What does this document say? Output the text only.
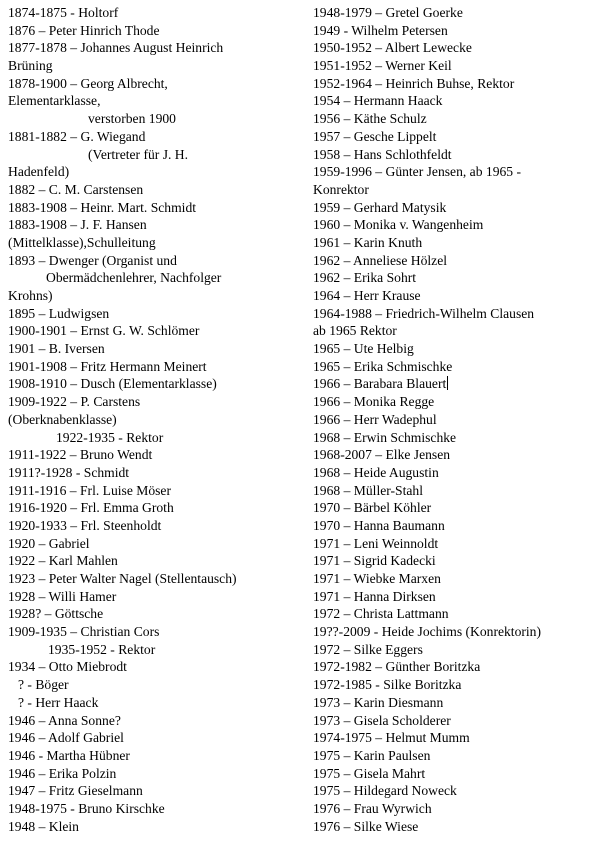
1874-1875 - Holtorf
1876 – Peter Hinrich Thode
1877-1878 – Johannes August Heinrich
Brüning
1878-1900 – Georg Albrecht,
Elementarklasse,
verstorben 1900
1881-1882 – G. Wiegand
(Vertreter für J. H.
Hadenfeld)
1882 – C. M. Carstensen
1883-1908 – Heinr. Mart. Schmidt
1883-1908 – J. F. Hansen
(Mittelklasse),Schulleitung
1893 – Dwenger (Organist und
Obermädchenlehrer, Nachfolger
Krohns)
1895 – Ludwigsen
1900-1901 – Ernst G. W. Schlömer
1901 – B. Iversen
1901-1908 – Fritz Hermann Meinert
1908-1910 – Dusch (Elementarklasse)
1909-1922 – P. Carstens
(Oberknabenklasse)
1922-1935 - Rektor
1911-1922 – Bruno Wendt
1911?-1928 - Schmidt
1911-1916 – Frl. Luise Möser
1916-1920 – Frl. Emma Groth
1920-1933 – Frl. Steenholdt
1920 – Gabriel
1922 – Karl Mahlen
1923 – Peter Walter Nagel (Stellentausch)
1928 – Willi Hamer
1928? – Göttsche
1909-1935 – Christian Cors
1935-1952 - Rektor
1934 – Otto Miebrodt
? - Böger
? - Herr Haack
1946 – Anna Sonne?
1946 – Adolf Gabriel
1946 - Martha Hübner
1946 – Erika Polzin
1947 – Fritz Gieselmann
1948-1975 - Bruno Kirschke
1948 – Klein
1948-1979 – Gretel Goerke
1949 - Wilhelm Petersen
1950-1952 – Albert Lewecke
1951-1952 – Werner Keil
1952-1964 – Heinrich Buhse, Rektor
1954 – Hermann Haack
1956 – Käthe Schulz
1957 – Gesche Lippelt
1958 – Hans Schlothfeldt
1959-1996 – Günter Jensen, ab 1965 -
Konrektor
1959 – Gerhard Matysik
1960 – Monika v. Wangenheim
1961 – Karin Knuth
1962 – Anneliese Hölzel
1962 – Erika Sohrt
1964 – Herr Krause
1964-1988 – Friedrich-Wilhelm Clausen
ab 1965 Rektor
1965 – Ute Helbig
1965 – Erika Schmischke
1966 – Barabara Blauert
1966 – Monika Regge
1966 – Herr Wadephul
1968 – Erwin Schmischke
1968-2007 – Elke Jensen
1968 – Heide Augustin
1968 – Müller-Stahl
1970 – Bärbel Köhler
1970 – Hanna Baumann
1971 – Leni Weinnoldt
1971 – Sigrid Kadecki
1971 – Wiebke Marxen
1971 – Hanna Dirksen
1972 – Christa Lattmann
19??-2009 - Heide Jochims (Konrektorin)
1972 – Silke Eggers
1972-1982 – Günther Boritzka
1972-1985 - Silke Boritzka
1973 – Karin Diesmann
1973 – Gisela Scholderer
1974-1975 – Helmut Mumm
1975 – Karin Paulsen
1975 – Gisela Mahrt
1975 – Hildegard Noweck
1976 – Frau Wyrwich
1976 – Silke Wiese
